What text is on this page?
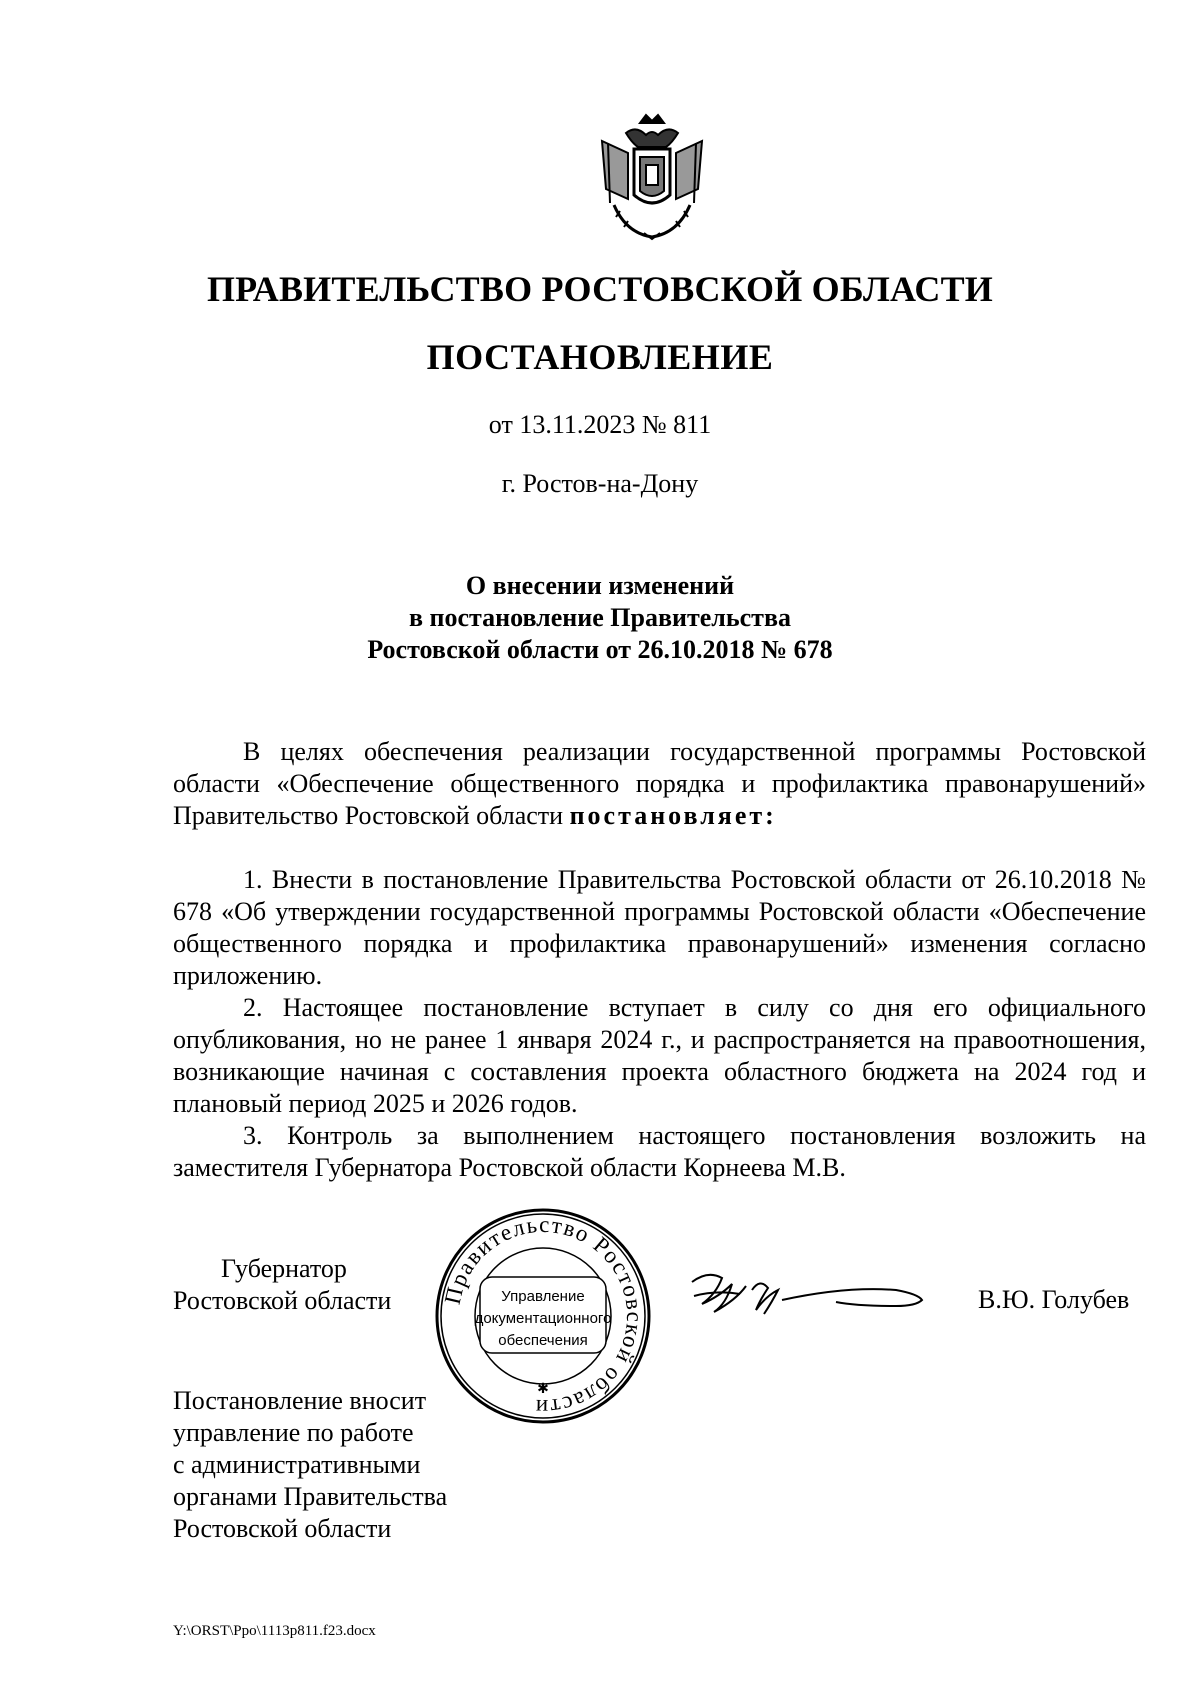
ПРАВИТЕЛЬСТВО РОСТОВСКОЙ ОБЛАСТИ
ПОСТАНОВЛЕНИЕ
от 13.11.2023 № 811
г. Ростов-на-Дону
О внесении изменений
в постановление Правительства
Ростовской области от 26.10.2018 № 678
В целях обеспечения реализации государственной программы Ростовской области «Обеспечение общественного порядка и профилактика правонарушений» Правительство Ростовской области постановляет:
1. Внести в постановление Правительства Ростовской области от 26.10.2018 № 678 «Об утверждении государственной программы Ростовской области «Обеспечение общественного порядка и профилактика правонарушений» изменения согласно приложению.
2. Настоящее постановление вступает в силу со дня его официального опубликования, но не ранее 1 января 2024 г., и распространяется на правоотношения, возникающие начиная с составления проекта областного бюджета на 2024 год и плановый период 2025 и 2026 годов.
3. Контроль за выполнением настоящего постановления возложить на заместителя Губернатора Ростовской области Корнеева М.В.
Губернатор
Ростовской области Правительство Ростовской области
✱
Управление
документационного
обеспечения
В.Ю. Голубев
Постановление вносит
управление по работе
с административными
органами Правительства
Ростовской области
Y:\ORST\Ppo\1113p811.f23.docx
